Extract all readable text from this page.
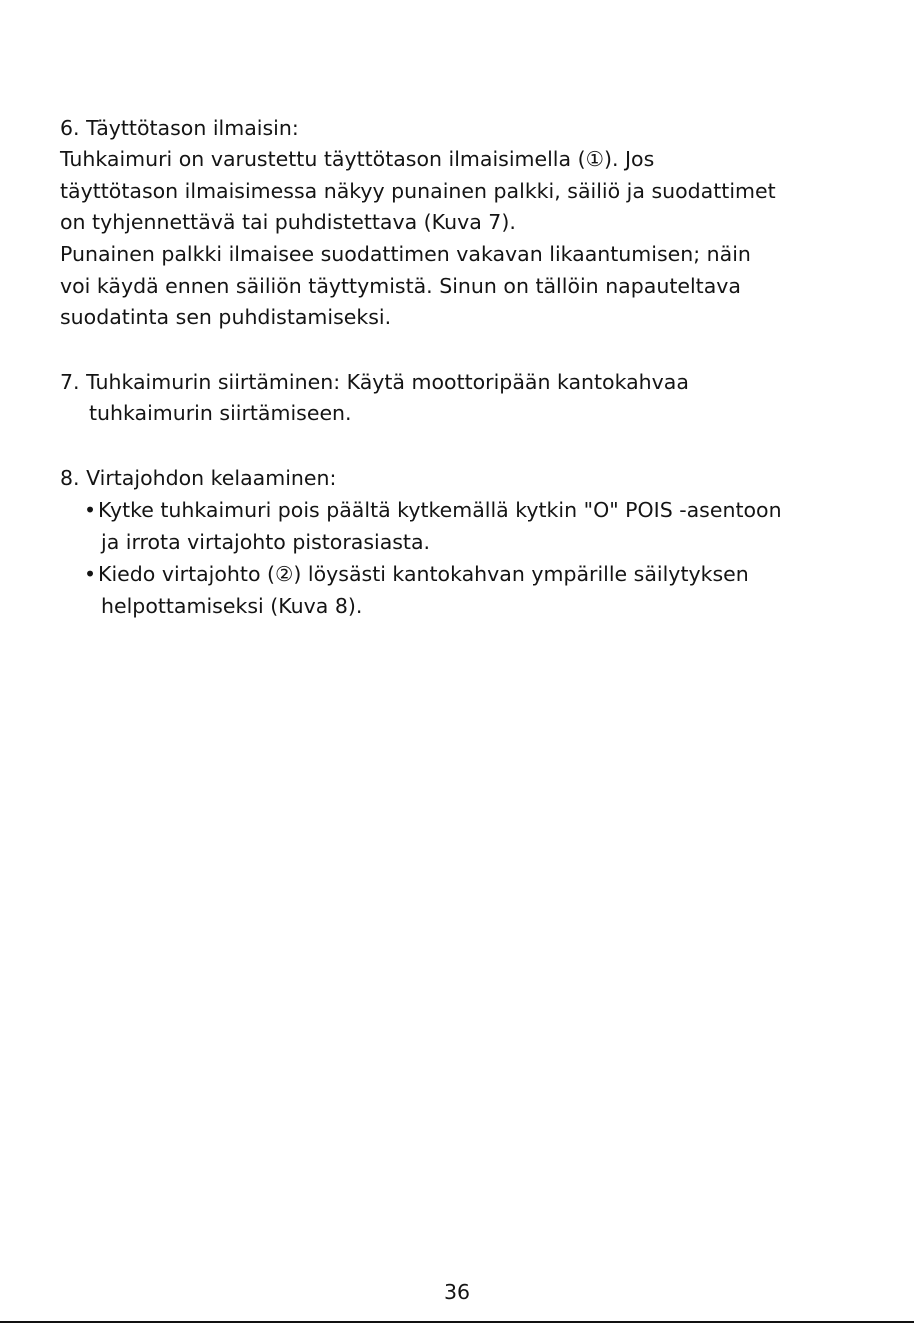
6. Täyttötason ilmaisin:
Tuhkaimuri on varustettu täyttötason ilmaisimella (①). Jos
täyttötason ilmaisimessa näkyy punainen palkki, säiliö ja suodattimet
on tyhjennettävä tai puhdistettava (Kuva 7).
Punainen palkki ilmaisee suodattimen vakavan likaantumisen; näin
voi käydä ennen säiliön täyttymistä. Sinun on tällöin napauteltava
suodatinta sen puhdistamiseksi.
7. Tuhkaimurin siirtäminen: Käytä moottoripään kantokahvaa
tuhkaimurin siirtämiseen.
8. Virtajohdon kelaaminen:
•Kytke tuhkaimuri pois päältä kytkemällä kytkin "O" POIS -asentoon
ja irrota virtajohto pistorasiasta.
•Kiedo virtajohto (②) löysästi kantokahvan ympärille säilytyksen
helpottamiseksi (Kuva 8).
36
